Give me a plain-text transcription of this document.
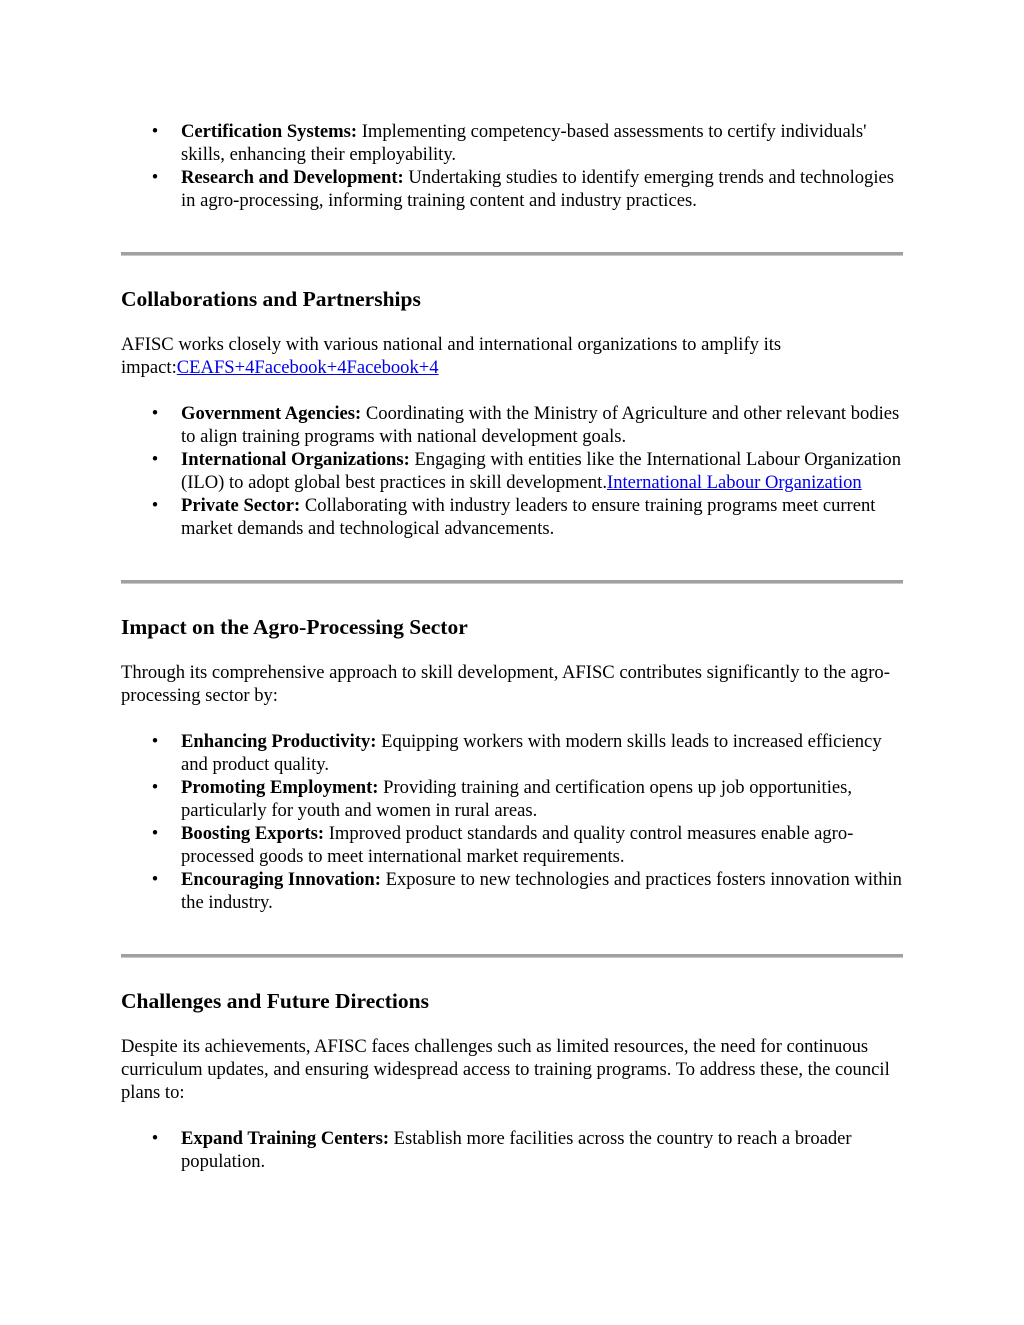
• Certification Systems: Implementing competency-based assessments to certify individuals' skills, enhancing their employability.
• Research and Development: Undertaking studies to identify emerging trends and technologies in agro-processing, informing training content and industry practices.
Collaborations and Partnerships

AFISC works closely with various national and international organizations to amplify its impact:CEAFS+4Facebook+4Facebook+4

• Government Agencies: Coordinating with the Ministry of Agriculture and other relevant bodies to align training programs with national development goals.
• International Organizations: Engaging with entities like the International Labour Organization (ILO) to adopt global best practices in skill development.International Labour Organization
• Private Sector: Collaborating with industry leaders to ensure training programs meet current market demands and technological advancements.
Impact on the Agro-Processing Sector

Through its comprehensive approach to skill development, AFISC contributes significantly to the agro-processing sector by:

• Enhancing Productivity: Equipping workers with modern skills leads to increased efficiency and product quality.
• Promoting Employment: Providing training and certification opens up job opportunities, particularly for youth and women in rural areas.
• Boosting Exports: Improved product standards and quality control measures enable agro-processed goods to meet international market requirements.
• Encouraging Innovation: Exposure to new technologies and practices fosters innovation within the industry.
Challenges and Future Directions

Despite its achievements, AFISC faces challenges such as limited resources, the need for continuous curriculum updates, and ensuring widespread access to training programs. To address these, the council plans to:

• Expand Training Centers: Establish more facilities across the country to reach a broader population.
